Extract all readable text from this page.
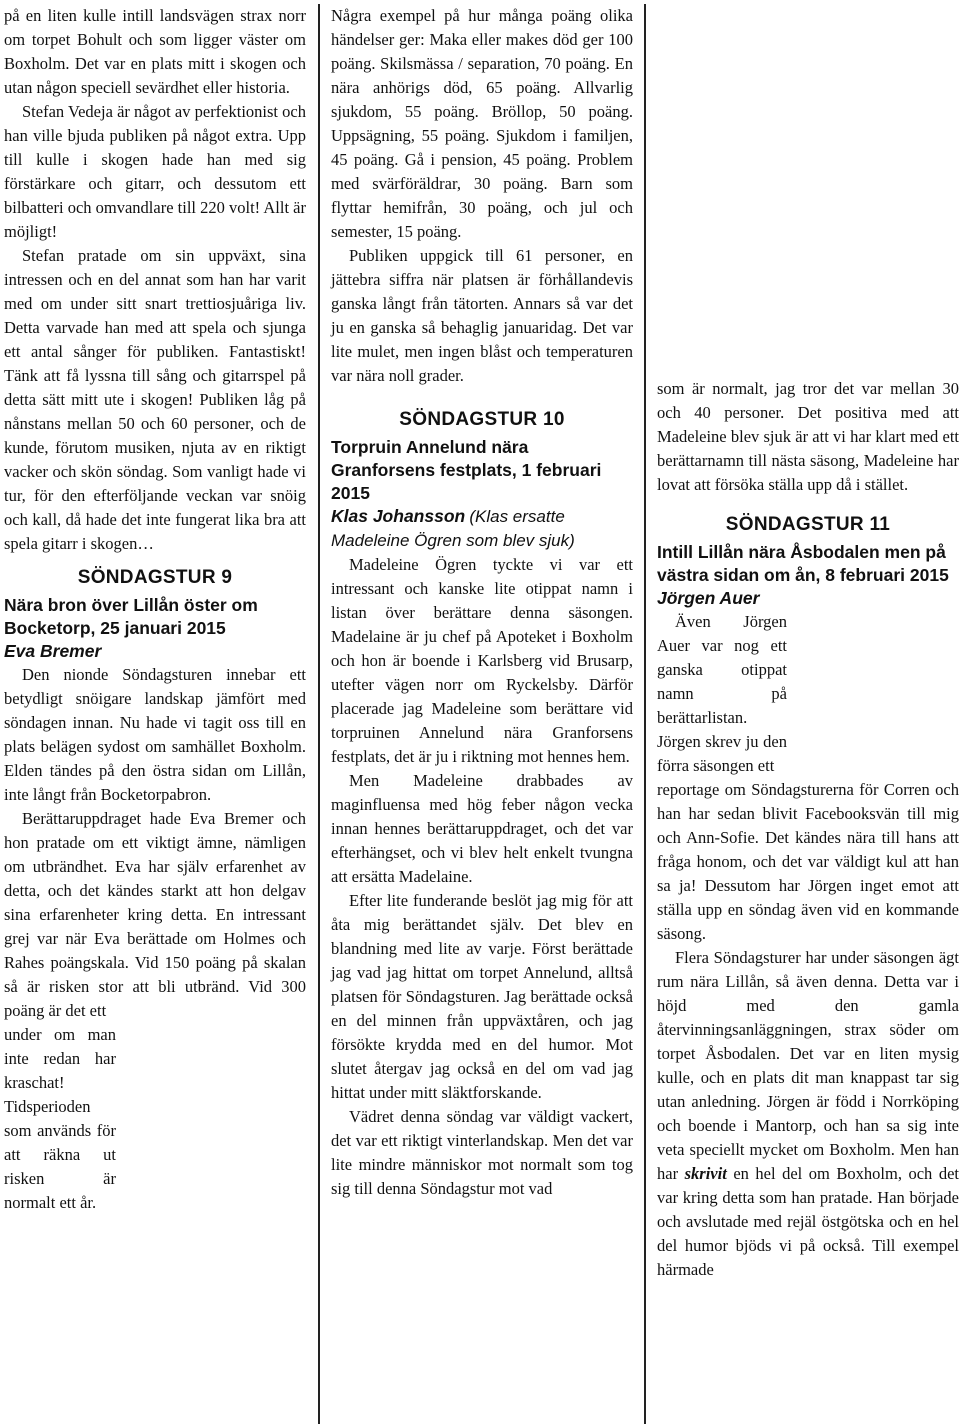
på en liten kulle intill landsvägen strax norr om torpet Bohult och som ligger väster om Boxholm. Det var en plats mitt i skogen och utan någon speciell sevärdhet eller historia.

Stefan Vedeja är något av perfektionist och han ville bjuda publiken på något extra. Upp till kulle i skogen hade han med sig förstärkare och gitarr, och dessutom ett bilbatteri och omvandlare till 220 volt! Allt är möjligt!

Stefan pratade om sin uppväxt, sina intressen och en del annat som han har varit med om under sitt snart trettiosjuåriga liv. Detta varvade han med att spela och sjunga ett antal sånger för publiken. Fantastiskt! Tänk att få lyssna till sång och gitarrspel på detta sätt mitt ute i skogen! Publiken låg på nånstans mellan 50 och 60 personer, och de kunde, förutom musiken, njuta av en riktigt vacker och skön söndag. Som vanligt hade vi tur, för den efterföljande veckan var snöig och kall, då hade det inte fungerat lika bra att spela gitarr i skogen…

SÖNDAGSTUR 9
Nära bron över Lillån öster om Bocketorp, 25 januari 2015
Eva Bremer

Den nionde Söndagsturen innebar ett betydligt snöigare landskap jämfört med söndagen innan. Nu hade vi tagit oss till en plats belägen sydost om samhället Boxholm. Elden tändes på den östra sidan om Lillån, inte långt från Bocketorpabron.

Berättaruppdraget hade Eva Bremer och hon pratade om ett viktigt ämne, nämligen om utbrändhet. Eva har själv erfarenhet av detta, och det kändes starkt att hon delgav sina erfarenheter kring detta. En intressant grej var när Eva berättade om Holmes och Rahes poängskala. Vid 150 poäng på skalan så är risken stor att bli utbränd. Vid 300 poäng är det ett

under om man inte redan har kraschat! Tidsperioden som används för att räkna ut risken är normalt ett år.

Några exempel på hur många poäng olika händelser ger: Maka eller makes död ger 100 poäng. Skilsmässa / separation, 70 poäng. En nära anhörigs död, 65 poäng. Allvarlig sjukdom, 55 poäng. Bröllop, 50 poäng. Uppsägning, 55 poäng. Sjukdom i familjen, 45 poäng. Gå i pension, 45 poäng. Problem med svärföräldrar, 30 poäng. Barn som flyttar hemifrån, 30 poäng, och jul och semester, 15 poäng.

Publiken uppgick till 61 personer, en jättebra siffra när platsen är förhållandevis ganska långt från tätorten. Annars så var det ju en ganska så behaglig januaridag. Det var lite mulet, men ingen blåst och temperaturen var nära noll grader.

SÖNDAGSTUR 10
Torpruin Annelund nära Granforsens festplats, 1 februari 2015
Klas Johansson (Klas ersatte Madeleine Ögren som blev sjuk)

Madeleine Ögren tyckte vi var ett intressant och kanske lite otippat namn i listan över berättare denna säsongen. Madelaine är ju chef på Apoteket i Boxholm och hon är boende i Karlsberg vid Brusarp, utefter vägen norr om Ryckelsby. Därför placerade jag Madeleine som berättare vid torpruinen Annelund nära Granforsens festplats, det är ju i riktning mot hennes hem.

Men Madeleine drabbades av maginfluensa med hög feber någon vecka innan hennes berättaruppdraget, och det var efterhängset, och vi blev helt enkelt tvungna att ersätta Madelaine.

Efter lite funderande beslöt jag mig för att åta mig berättandet själv. Det blev en blandning med lite av varje. Först berättade jag vad jag hittat om torpet Annelund, alltså platsen för Söndagsturen. Jag berättade också en del minnen från uppväxtåren, och jag försökte krydda med en del humor. Mot slutet återgav jag också en del om vad jag hittat under mitt släktforskande.

Vädret denna söndag var väldigt vackert, det var ett riktigt vinterlandskap. Men det var lite mindre människor mot normalt som tog sig till denna Söndagstur mot vad

som är normalt, jag tror det var mellan 30 och 40 personer. Det positiva med att Madeleine blev sjuk är att vi har klart med ett berättarnamn till nästa säsong, Madeleine har lovat att försöka ställa upp då i stället.

SÖNDAGSTUR 11
Intill Lillån nära Åsbodalen men på västra sidan om ån, 8 februari 2015
Jörgen Auer

Även Jörgen Auer var nog ett ganska otippat namn på berättarlistan. Jörgen skrev ju den förra säsongen ett

reportage om Söndagsturerna för Corren och han har sedan blivit Facebooksvän till mig och Ann-Sofie. Det kändes nära till hans att fråga honom, och det var väldigt kul att han sa ja! Dessutom har Jörgen inget emot att ställa upp en söndag även vid en kommande säsong.

Flera Söndagsturer har under säsongen ägt rum nära Lillån, så även denna. Detta var i höjd med den gamla återvinningsanläggningen, strax söder om torpet Åsbodalen. Det var en liten mysig kulle, och en plats dit man knappast tar sig utan anledning. Jörgen är född i Norrköping och boende i Mantorp, och han sa sig inte veta speciellt mycket om Boxholm. Men han har skrivit en hel del om Boxholm, och det var kring detta som han pratade. Han började och avslutade med rejäl östgötska och en hel del humor bjöds vi på också. Till exempel härmade
